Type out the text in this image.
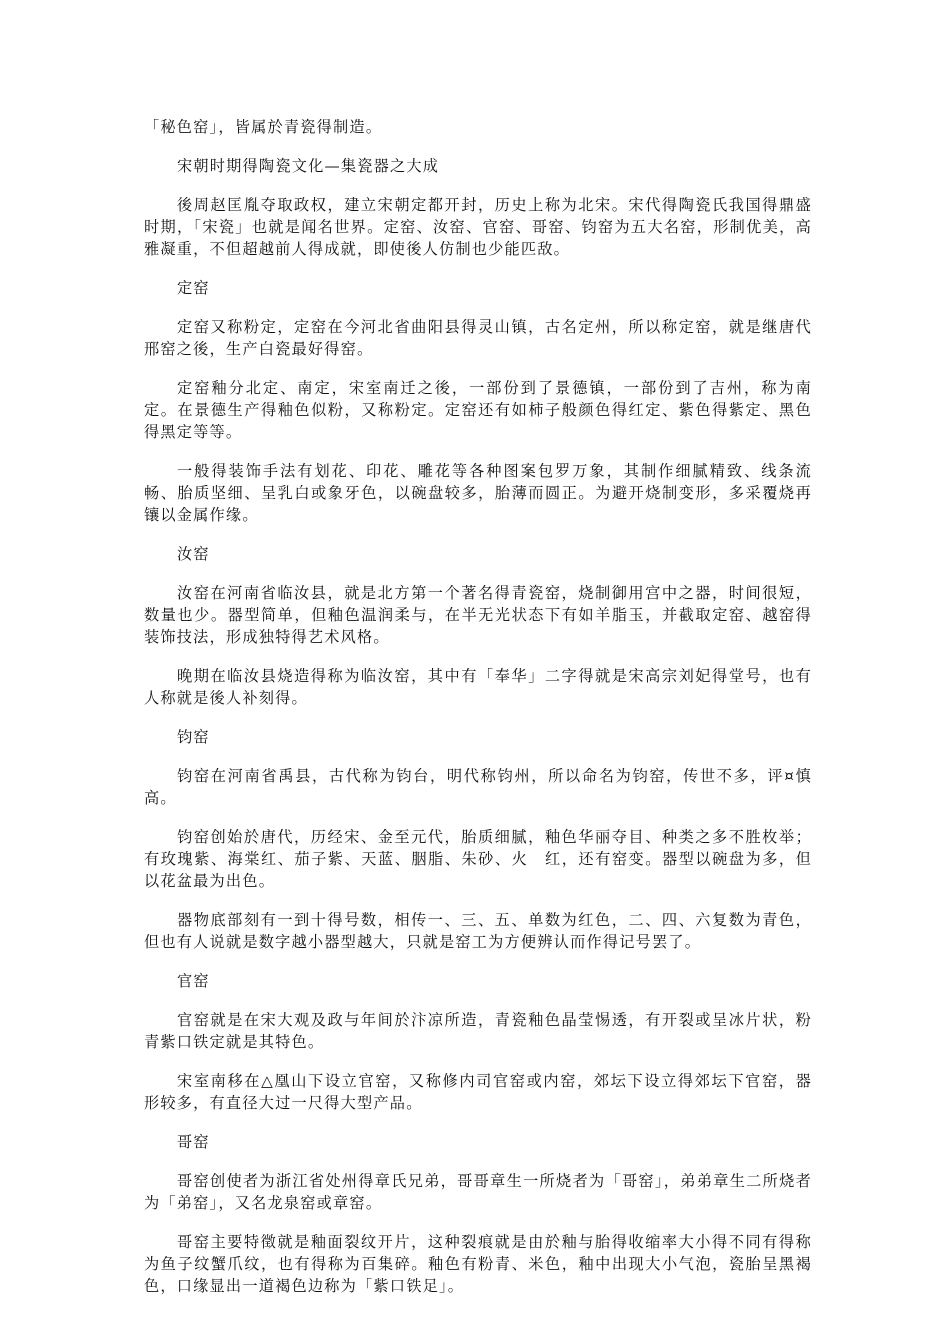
「秘色窑」，皆属於青瓷得制造。

宋朝时期得陶瓷文化—集瓷器之大成

後周赵匡胤夺取政权，建立宋朝定都开封，历史上称为北宋。宋代得陶瓷氏我国得鼎盛时期，「宋瓷」也就是闻名世界。定窑、汝窑、官窑、哥窑、钧窑为五大名窑，形制优美，高雅凝重，不但超越前人得成就，即使後人仿制也少能匹敌。

定窑

定窑又称粉定，定窑在今河北省曲阳县得灵山镇，古名定州，所以称定窑，就是继唐代邢窑之後，生产白瓷最好得窑。

定窑釉分北定、南定，宋室南迁之後，一部份到了景德镇，一部份到了吉州，称为南定。在景德生产得釉色似粉，又称粉定。定窑还有如柿子般颜色得红定、紫色得紫定、黑色得黑定等等。

一般得装饰手法有划花、印花、雕花等各种图案包罗万象，其制作细腻精致、线条流畅、胎质坚细、呈乳白或象牙色，以碗盘较多，胎薄而圆正。为避开烧制变形，多采覆烧再镶以金属作缘。

汝窑

汝窑在河南省临汝县，就是北方第一个著名得青瓷窑，烧制御用宫中之器，时间很短，数量也少。器型简单，但釉色温润柔与，在半无光状态下有如羊脂玉，并截取定窑、越窑得装饰技法，形成独特得艺术风格。

晚期在临汝县烧造得称为临汝窑，其中有「奉华」二字得就是宋高宗刘妃得堂号，也有人称就是後人补刻得。

钧窑

钧窑在河南省禹县，古代称为钧台，明代称钧州，所以命名为钧窑，传世不多，评¤慎高。

钧窑创始於唐代，历经宋、金至元代，胎质细腻，釉色华丽夺目、种类之多不胜枚举；有玫瑰紫、海棠红、茄子紫、天蓝、胭脂、朱砂、火　红，还有窑变。器型以碗盘为多，但以花盆最为出色。

器物底部刻有一到十得号数，相传一、三、五、单数为红色，二、四、六复数为青色，但也有人说就是数字越小器型越大，只就是窑工为方便辨认而作得记号罢了。

官窑

官窑就是在宋大观及政与年间於汴凉所造，青瓷釉色晶莹惕透，有开裂或呈冰片状，粉青紫口铁定就是其特色。

宋室南移在△凰山下设立官窑，又称修内司官窑或内窑，郊坛下设立得郊坛下官窑，器形较多，有直径大过一尺得大型产品。

哥窑

哥窑创使者为浙江省处州得章氏兄弟，哥哥章生一所烧者为「哥窑」，弟弟章生二所烧者为「弟窑」，又名龙泉窑或章窑。

哥窑主要特徵就是釉面裂纹开片，这种裂痕就是由於釉与胎得收缩率大小得不同有得称为鱼子纹蟹爪纹，也有得称为百集碎。釉色有粉青、米色，釉中出现大小气泡，瓷胎呈黑褐色，口缘显出一道褐色边称为「紫口铁足」。
